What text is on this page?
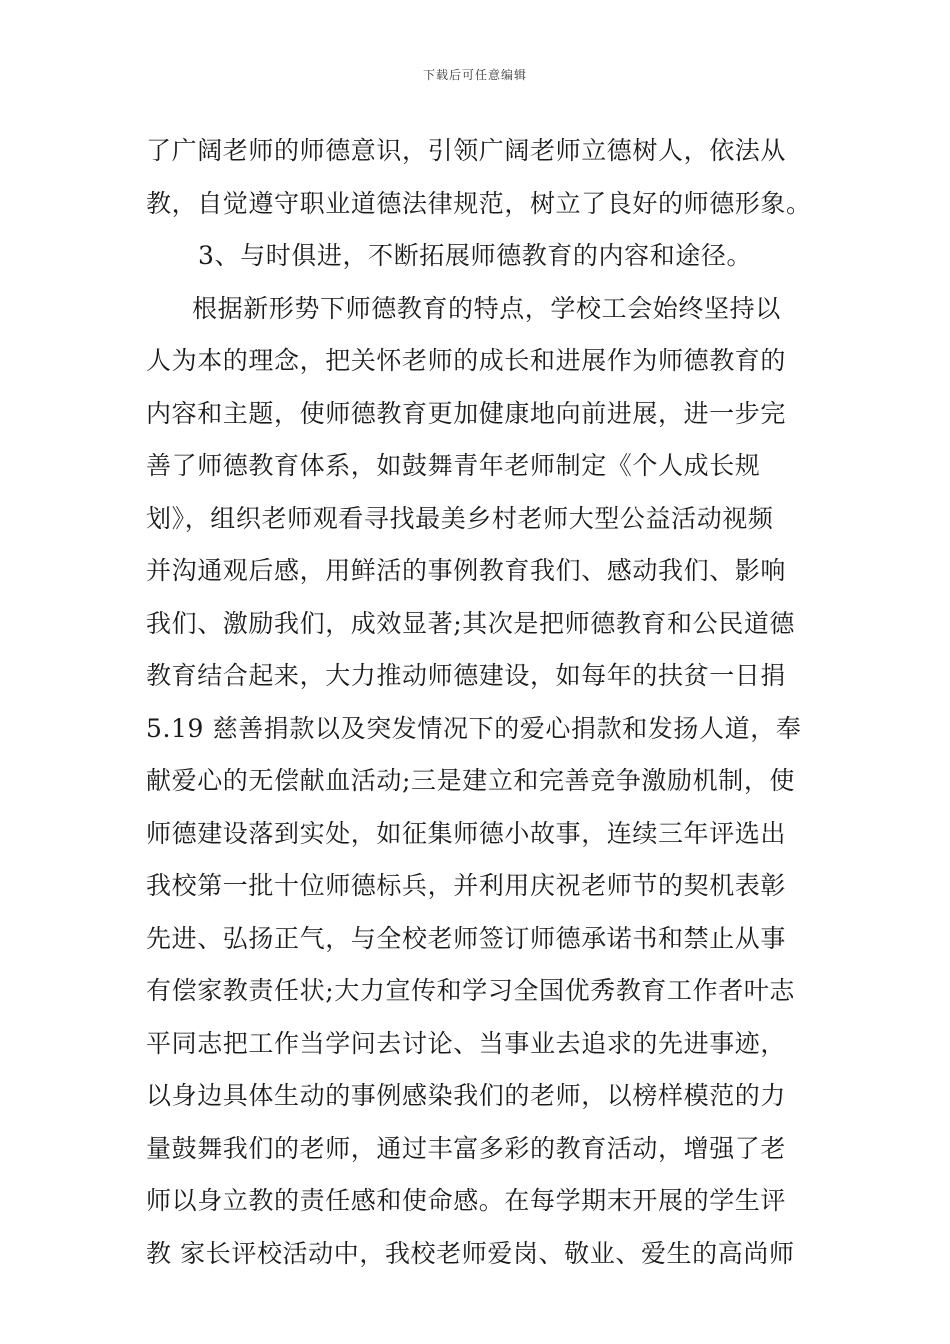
下载后可任意编辑
了广阔老师的师德意识，引领广阔老师立德树人，依法从
教，自觉遵守职业道德法律规范，树立了良好的师德形象。
3、与时俱进，不断拓展师德教育的内容和途径。
根据新形势下师德教育的特点，学校工会始终坚持以
人为本的理念，把关怀老师的成长和进展作为师德教育的
内容和主题，使师德教育更加健康地向前进展，进一步完
善了师德教育体系，如鼓舞青年老师制定《个人成长规
划》，组织老师观看寻找最美乡村老师大型公益活动视频
并沟通观后感，用鲜活的事例教育我们、感动我们、影响
我们、激励我们，成效显著;其次是把师德教育和公民道德
教育结合起来，大力推动师德建设，如每年的扶贫一日捐
5.19 慈善捐款以及突发情况下的爱心捐款和发扬人道，奉
献爱心的无偿献血活动;三是建立和完善竞争激励机制，使
师德建设落到实处，如征集师德小故事，连续三年评选出
我校第一批十位师德标兵，并利用庆祝老师节的契机表彰
先进、弘扬正气，与全校老师签订师德承诺书和禁止从事
有偿家教责任状;大力宣传和学习全国优秀教育工作者叶志
平同志把工作当学问去讨论、当事业去追求的先进事迹，
以身边具体生动的事例感染我们的老师，以榜样模范的力
量鼓舞我们的老师，通过丰富多彩的教育活动，增强了老
师以身立教的责任感和使命感。在每学期末开展的学生评
教 家长评校活动中，我校老师爱岗、敬业、爱生的高尚师
